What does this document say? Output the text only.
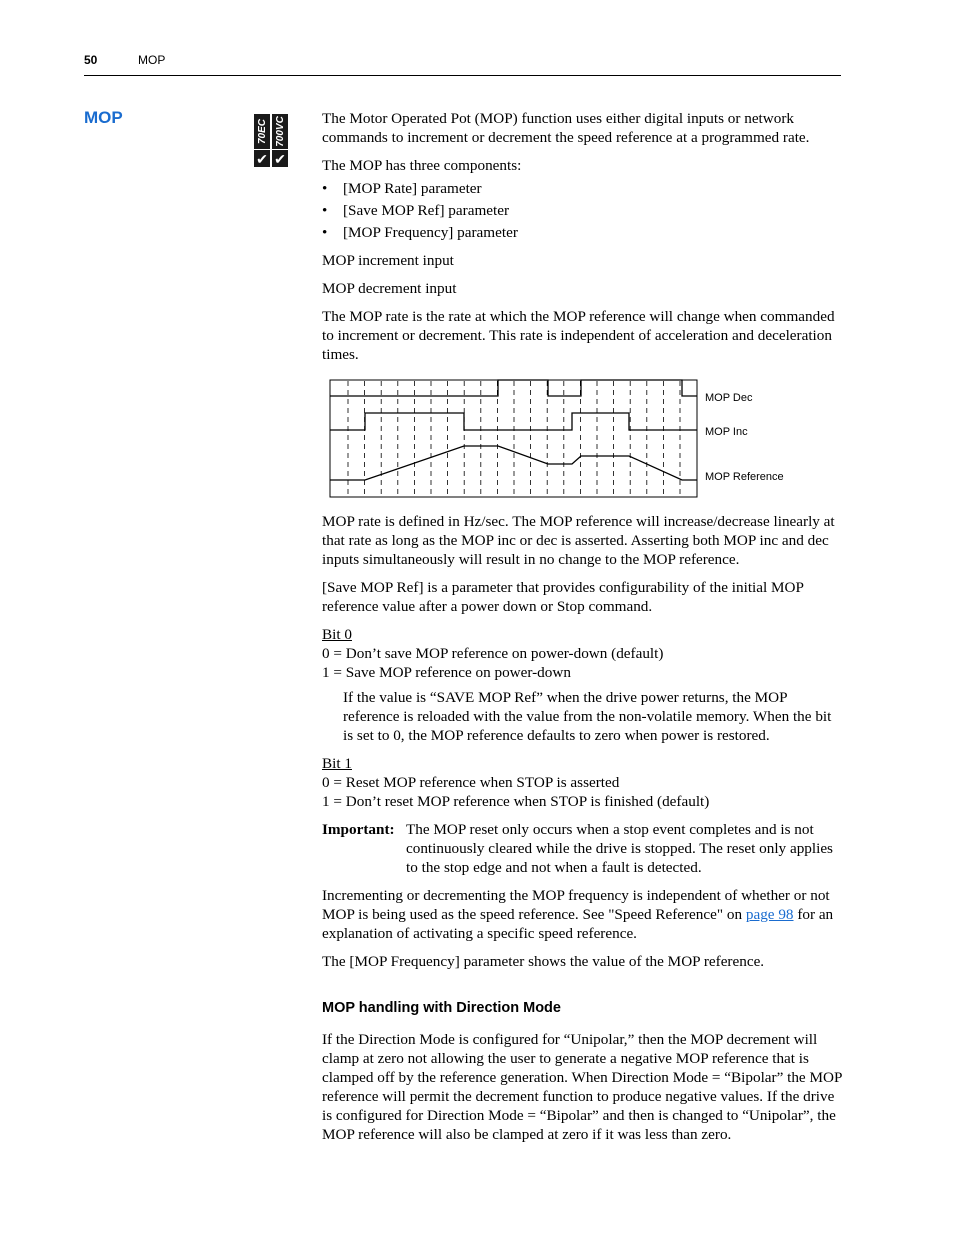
50	MOP
MOP
70EC
✔
700VC
✔

The Motor Operated Pot (MOP) function uses either digital inputs or network commands to increment or decrement the speed reference at a programmed rate.

The MOP has three components:

• [MOP Rate] parameter
• [Save MOP Ref] parameter
• [MOP Frequency] parameter

MOP increment input

MOP decrement input

The MOP rate is the rate at which the MOP reference will change when commanded to increment or decrement. This rate is independent of acceleration and deceleration times.

MOP Dec
MOP Inc
MOP Reference

MOP rate is defined in Hz/sec. The MOP reference will increase/decrease linearly at that rate as long as the MOP inc or dec is asserted. Asserting both MOP inc and dec inputs simultaneously will result in no change to the MOP reference.

[Save MOP Ref] is a parameter that provides configurability of the initial MOP reference value after a power down or Stop command.

Bit 0
0 = Don’t save MOP reference on power-down (default)
1 = Save MOP reference on power-down

If the value is “SAVE MOP Ref” when the drive power returns, the MOP reference is reloaded with the value from the non-volatile memory. When the bit is set to 0, the MOP reference defaults to zero when power is restored.

Bit 1
0 = Reset MOP reference when STOP is asserted
1 = Don’t reset MOP reference when STOP is finished (default)
Important: The MOP reset only occurs when a stop event completes and is not continuously cleared while the drive is stopped. The reset only applies to the stop edge and not when a fault is detected.

Incrementing or decrementing the MOP frequency is independent of whether or not MOP is being used as the speed reference. See "Speed Reference" on page 98 for an explanation of activating a specific speed reference.

The [MOP Frequency] parameter shows the value of the MOP reference.

MOP handling with Direction Mode

If the Direction Mode is configured for “Unipolar,” then the MOP decrement will clamp at zero not allowing the user to generate a negative MOP reference that is clamped off by the reference generation. When Direction Mode = “Bipolar” the MOP reference will permit the decrement function to produce negative values. If the drive is configured for Direction Mode = “Bipolar” and then is changed to “Unipolar”, the MOP reference will also be clamped at zero if it was less than zero.
